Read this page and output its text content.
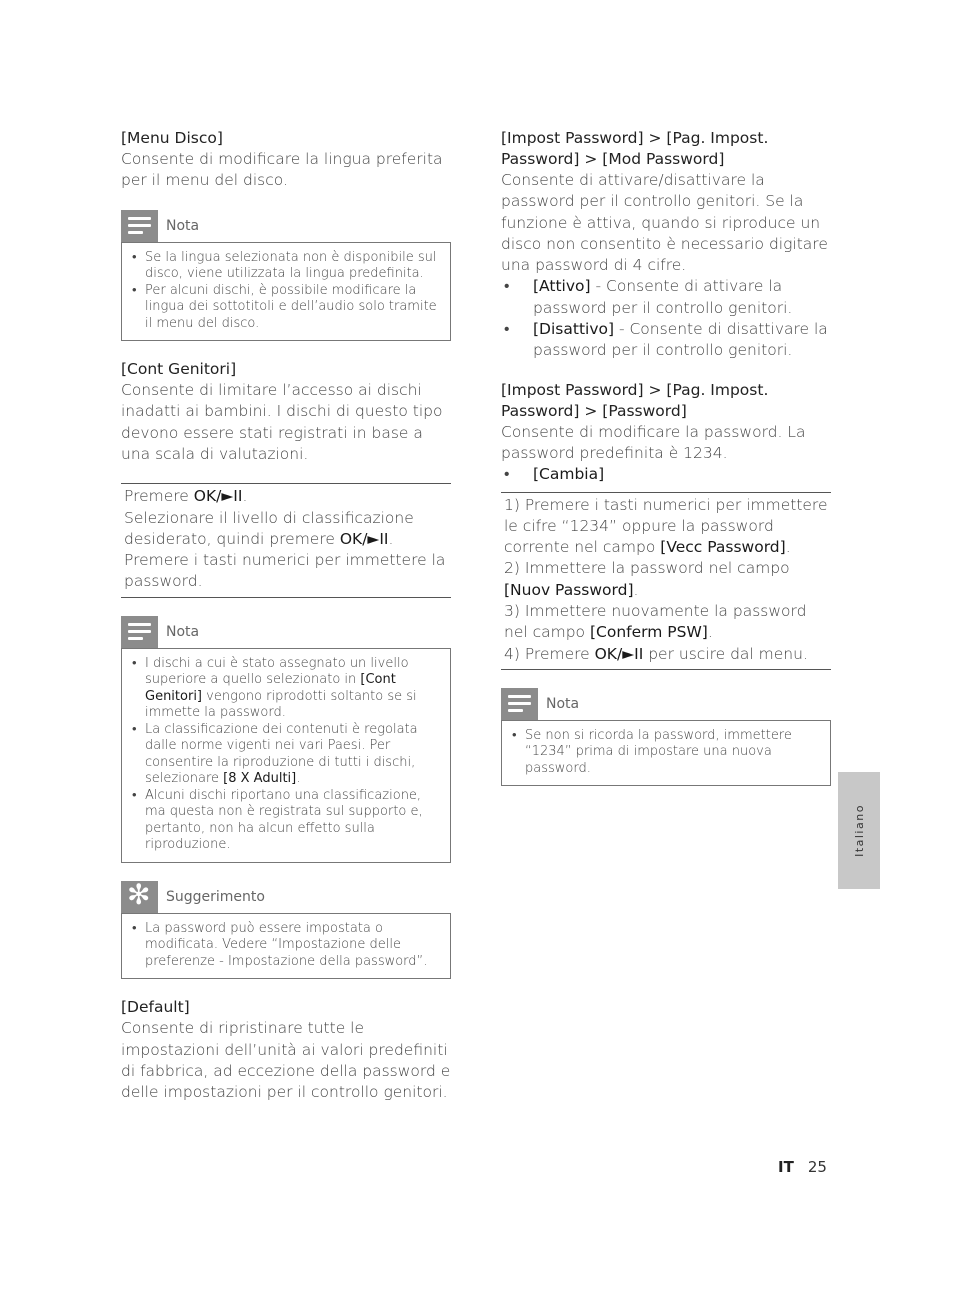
[Menu Disco]

Consente di modificare la lingua preferita per il menu del disco.

Nota
• Se la lingua selezionata non è disponibile sul disco, viene utilizzata la lingua predefinita.
• Per alcuni dischi, è possibile modificare la lingua dei sottotitoli e dell’audio solo tramite il menu del disco.

[Cont Genitori]

Consente di limitare l’accesso ai dischi inadatti ai bambini. I dischi di questo tipo devono essere stati registrati in base a una scala di valutazioni.

Premere OK/►II.

Selezionare il livello di classificazione desiderato, quindi premere OK/►II.

Premere i tasti numerici per immettere la password.

Nota
• I dischi a cui è stato assegnato un livello superiore a quello selezionato in [Cont Genitori] vengono riprodotti soltanto se si immette la password.
• La classificazione dei contenuti è regolata dalle norme vigenti nei vari Paesi. Per consentire la riproduzione di tutti i dischi, selezionare [8 X Adulti].
• Alcuni dischi riportano una classificazione, ma questa non è registrata sul supporto e, pertanto, non ha alcun effetto sulla riproduzione.
✻ Suggerimento
• La password può essere impostata o modificata. Vedere “Impostazione delle preferenze - Impostazione della password”.

[Default]

Consente di ripristinare tutte le impostazioni dell’unità ai valori predefiniti di fabbrica, ad eccezione della password e delle impostazioni per il controllo genitori.

[Impost Password] > [Pag. Impost. Password] > [Mod Password]

Consente di attivare/disattivare la password per il controllo genitori. Se la funzione è attiva, quando si riproduce un disco non consentito è necessario digitare una password di 4 cifre.

• [Attivo] - Consente di attivare la password per il controllo genitori.
• [Disattivo] - Consente di disattivare la password per il controllo genitori.

[Impost Password] > [Pag. Impost. Password] > [Password]

Consente di modificare la password. La password predefinita è 1234.

• [Cambia]

1) Premere i tasti numerici per immettere le cifre “1234” oppure la password corrente nel campo [Vecc Password].

2) Immettere la password nel campo [Nuov Password].

3) Immettere nuovamente la password nel campo [Conferm PSW].

4) Premere OK/►II per uscire dal menu.

Nota
• Se non si ricorda la password, immettere “1234” prima di impostare una nuova password.
Italiano
IT 25
